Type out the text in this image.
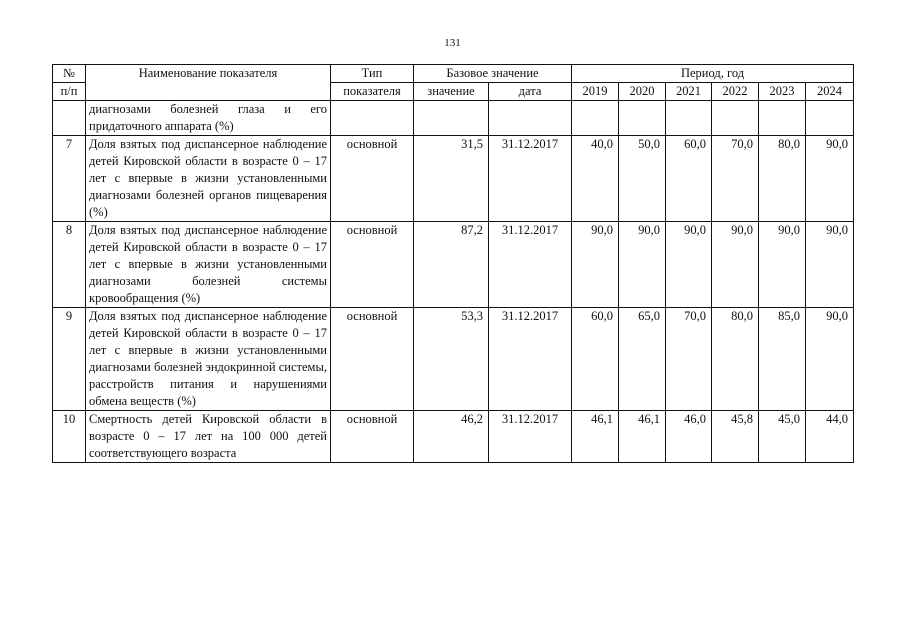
131
№	Наименование показателя	Тип	Базовое значение		Период, год					
п/п		показателя	значение	дата	2019	2020	2021	2022	2023	2024
	диагнозами болезней глаза и его придаточного аппарата (%)									
7	Доля взятых под диспансерное наблюдение детей Кировской области в возрасте 0 – 17 лет с впервые в жизни установленными диагнозами болезней органов пищеварения (%)	основной	31,5	31.12.2017	40,0	50,0	60,0	70,0	80,0	90,0
8	Доля взятых под диспансерное наблюдение детей Кировской области в возрасте 0 – 17 лет с впервые в жизни установленными диагнозами болезней системы кровообращения (%)	основной	87,2	31.12.2017	90,0	90,0	90,0	90,0	90,0	90,0
9	Доля взятых под диспансерное наблюдение детей Кировской области в возрасте 0 – 17 лет с впервые в жизни установленными диагнозами болезней эндокринной системы, расстройств питания и нарушениями обмена веществ (%)	основной	53,3	31.12.2017	60,0	65,0	70,0	80,0	85,0	90,0
10	Смертность детей Кировской области в возрасте 0 – 17 лет на 100 000 детей соответствующего возраста	основной	46,2	31.12.2017	46,1	46,1	46,0	45,8	45,0	44,0
